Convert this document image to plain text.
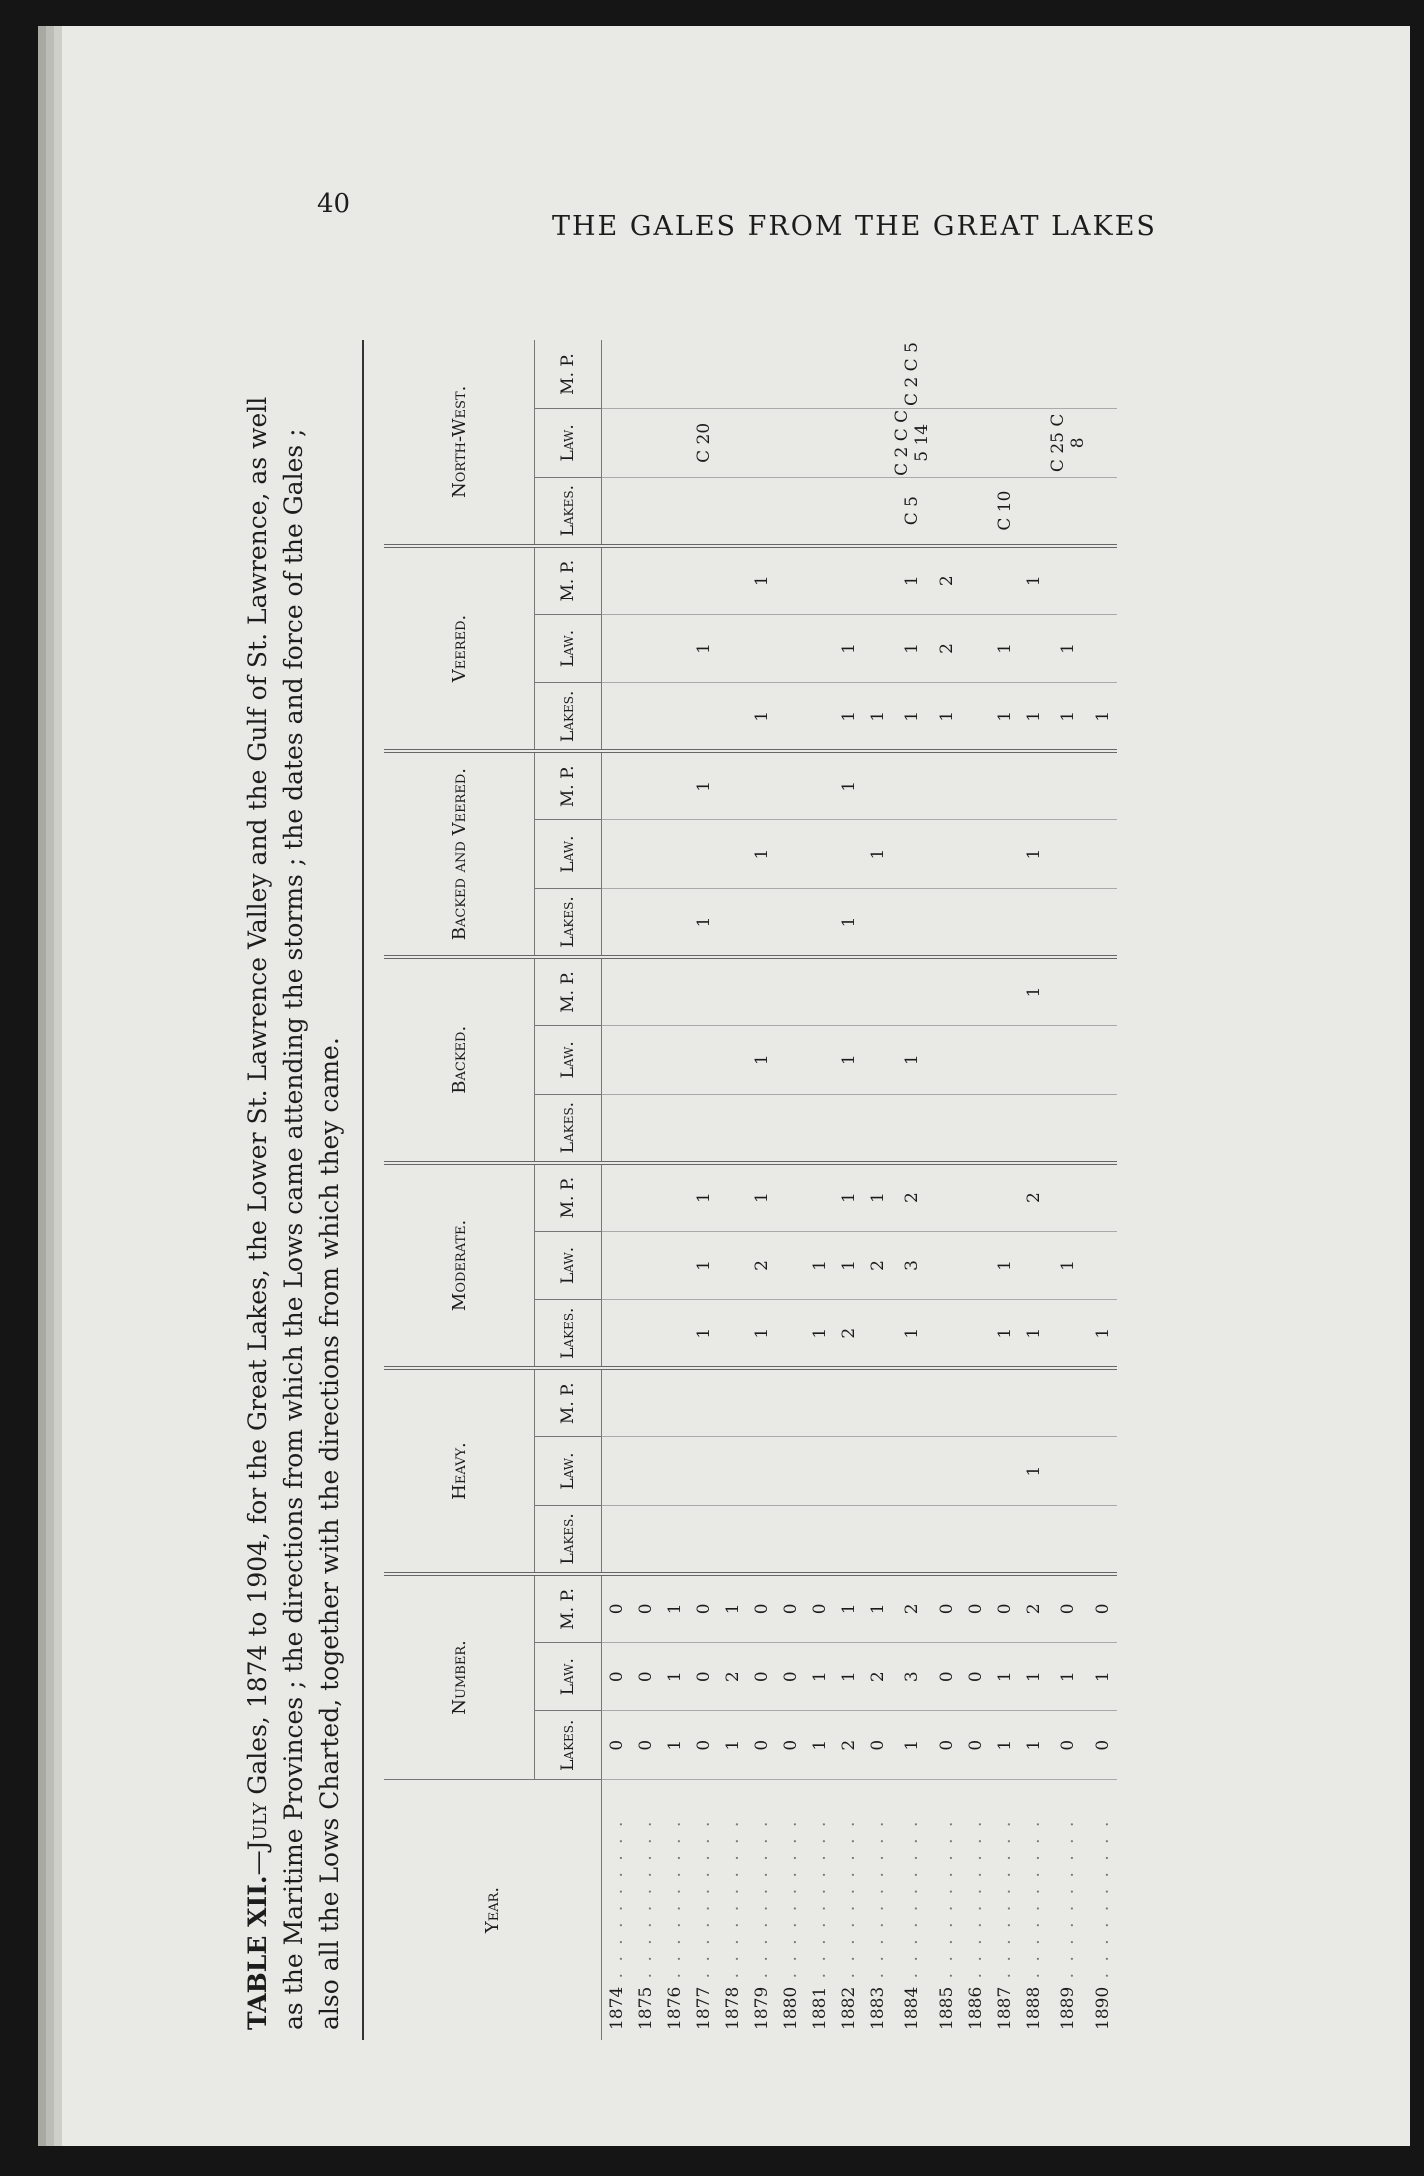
40
THE GALES FROM THE GREAT LAKES
TABLE XII.—July Gales, 1874 to 1904, for the Great Lakes, the Lower St. Lawrence Valley and the Gulf of St. Lawrence, as well as the Maritime Provinces ; the directions from which the Lows came attending the storms ; the dates and force of the Gales ; also all the Lows Charted, together with the directions from which they came.	Year.	Number.			Heavy.			Moderate.			Backed.			Backed and Veered.			Veered.			North-West.		
	Lakes.	Law.	M. P.	Lakes.	Law.	M. P.	Lakes.	Law.	M. P.	Lakes.	Law.	M. P.	Lakes.	Law.	M. P.	Lakes.	Law.	M. P.	Lakes.	Law.	M. P.
1874 . . . . . . . . . .	0	0	0																		
1875 . . . . . . . . . .	0	0	0																		
1876 . . . . . . . . . .	1	1	1																		
1877 . . . . . . . . . .	0	0	0				1	1	1				1		1		1			C 20	
1878 . . . . . . . . . .	1	2	1																		
1879 . . . . . . . . . .	0	0	0				1	2	1		1			1		1		1			
1880 . . . . . . . . . .	0	0	0																		
1881 . . . . . . . . . .	1	1	0				1	1													
1882 . . . . . . . . . .	2	1	1				2	1	1		1		1		1	1	1				
1883 . . . . . . . . . .	0	2	1					2	1					1		1					
1884 . . . . . . . . . .	1	3	2				1	3	2		1					1	1	1	C 5	C 2 C C 5 14	C 2 C 5
1885 . . . . . . . . . .	0	0	0													1	2	2			
1886 . . . . . . . . . .	0	0	0																		
1887 . . . . . . . . . .	1	1	0				1	1								1	1		C 10		
1888 . . . . . . . . . .	1	1	2		1		1		2			1		1		1		1			
1889 . . . . . . . . . .	0	1	0					1								1	1			C 25 C 8	
1890 . . . . . . . . . .	0	1	0				1									1					
